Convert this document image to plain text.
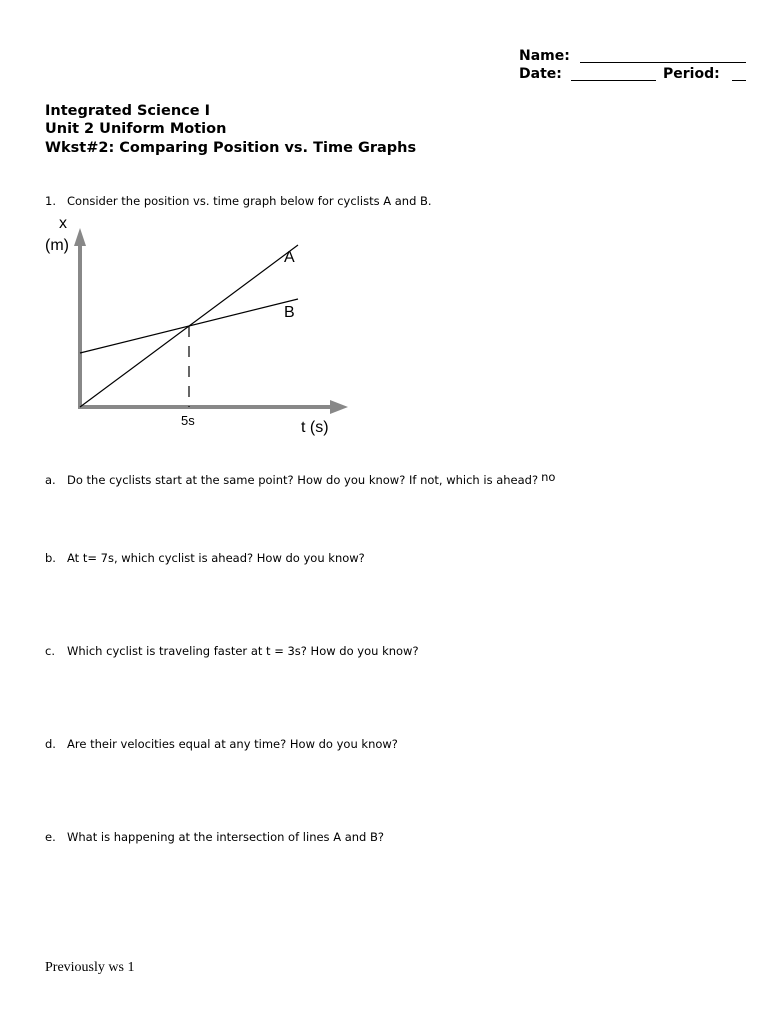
Name:
Date:	Period:
Integrated Science I
Unit 2 Uniform Motion
Wkst#2: Comparing Position vs. Time Graphs
1. Consider the position vs. time graph below for cyclists A and B.
x
(m)
t (s)
5s
A
B
a. Do the cyclists start at the same point? How do you know? If not, which is ahead? no
b. At t= 7s, which cyclist is ahead? How do you know?
c. Which cyclist is traveling faster at t = 3s? How do you know?
d. Are their velocities equal at any time? How do you know?
e. What is happening at the intersection of lines A and B?
Previously ws 1
